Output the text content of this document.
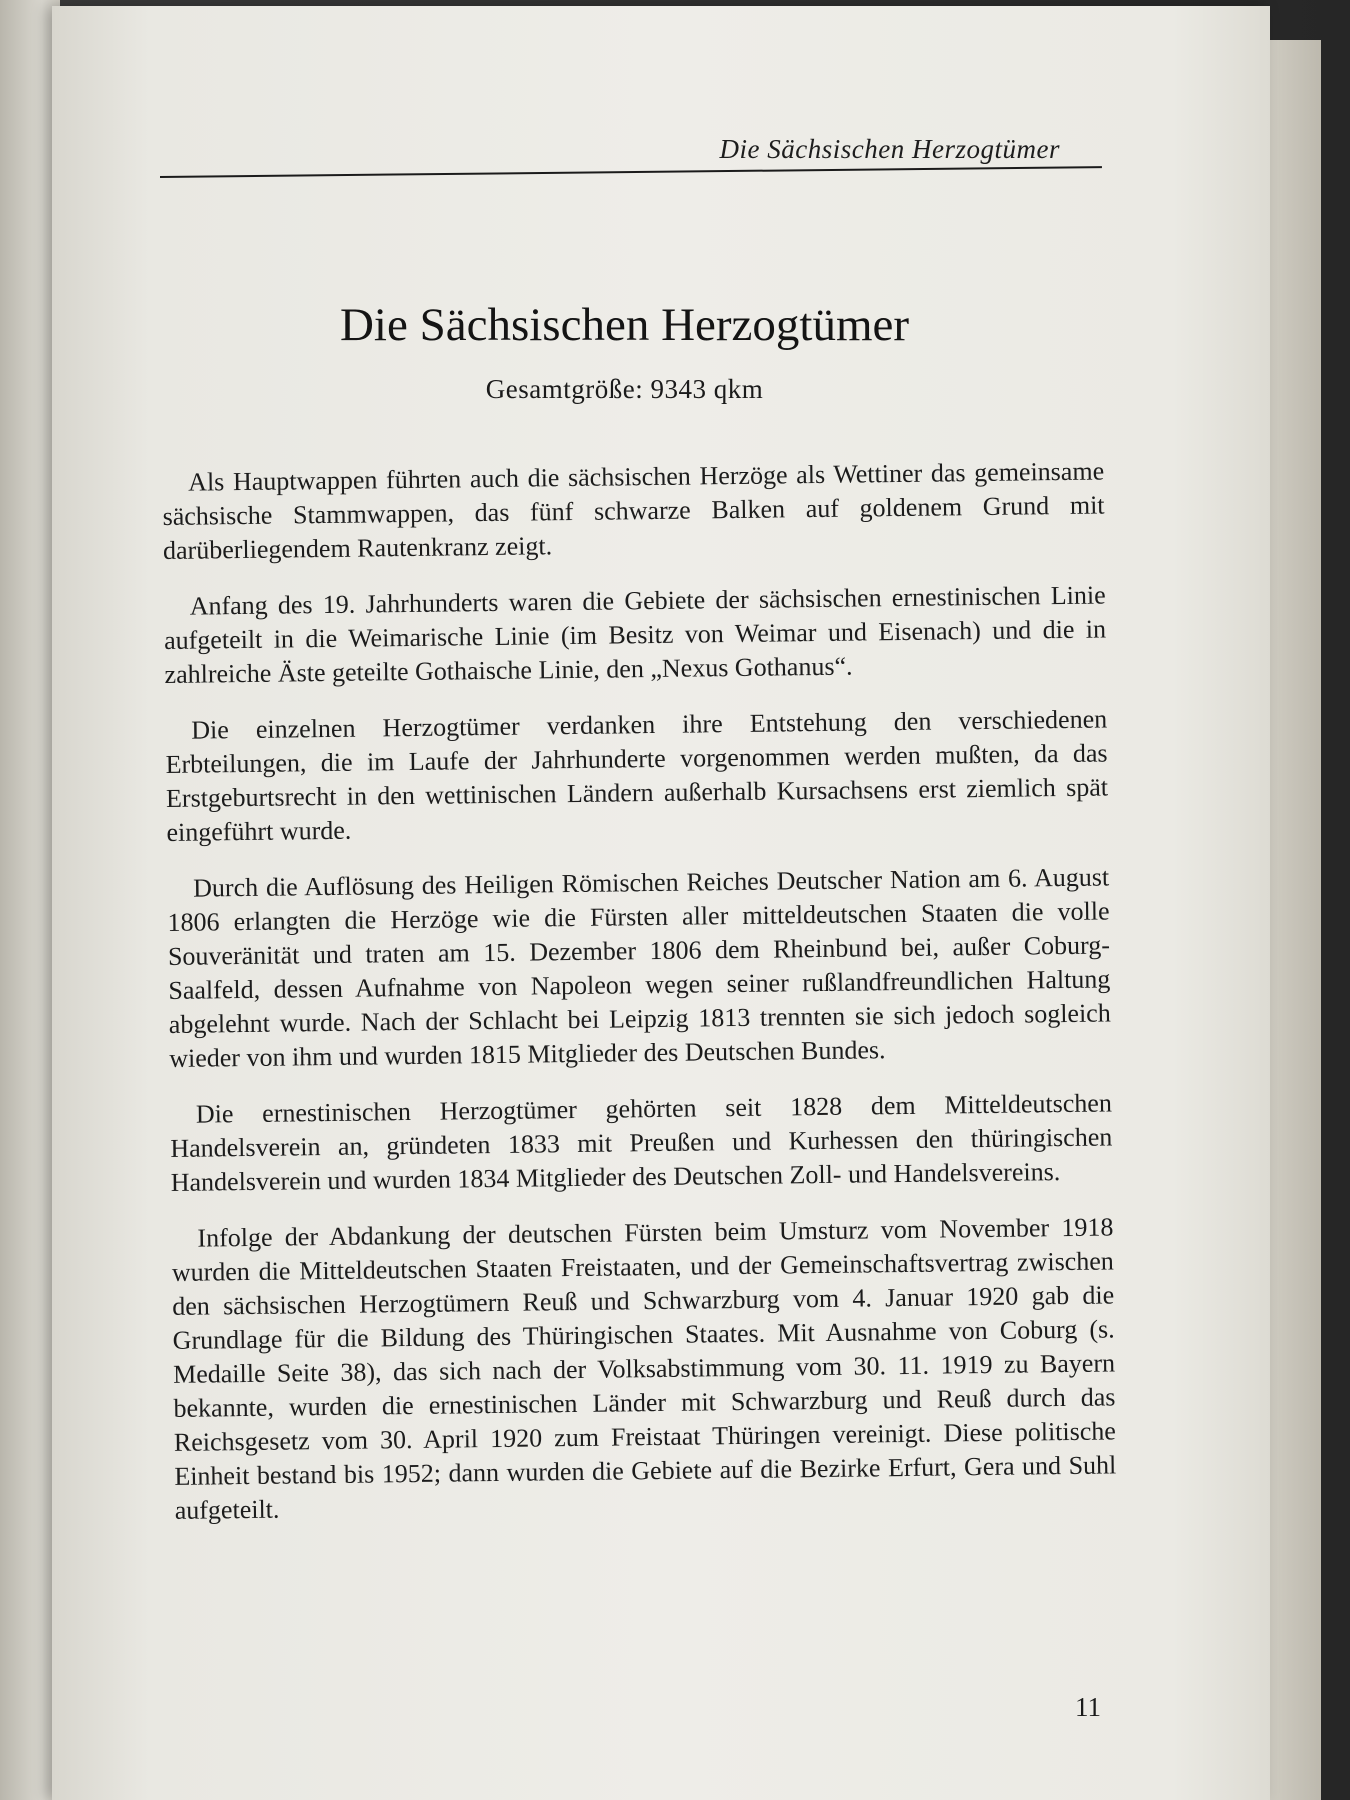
Die Sächsischen Herzogtümer
Die Sächsischen Herzogtümer
Gesamtgröße: 9343 qkm

Als Hauptwappen führten auch die sächsischen Herzöge als Wettiner das gemeinsame sächsische Stammwappen, das fünf schwarze Balken auf goldenem Grund mit darüberliegendem Rautenkranz zeigt.

Anfang des 19. Jahrhunderts waren die Gebiete der sächsischen ernestinischen Linie aufgeteilt in die Weimarische Linie (im Besitz von Weimar und Eisenach) und die in zahlreiche Äste geteilte Gothaische Linie, den „Nexus Gothanus“.

Die einzelnen Herzogtümer verdanken ihre Entstehung den verschiedenen Erbteilungen, die im Laufe der Jahrhunderte vorgenommen werden mußten, da das Erstgeburtsrecht in den wettinischen Ländern außerhalb Kursachsens erst ziemlich spät eingeführt wurde.

Durch die Auflösung des Heiligen Römischen Reiches Deutscher Nation am 6. August 1806 erlangten die Herzöge wie die Fürsten aller mitteldeutschen Staaten die volle Souveränität und traten am 15. Dezember 1806 dem Rheinbund bei, außer Coburg-Saalfeld, dessen Aufnahme von Napoleon wegen seiner rußlandfreundlichen Haltung abgelehnt wurde. Nach der Schlacht bei Leipzig 1813 trennten sie sich jedoch sogleich wieder von ihm und wurden 1815 Mitglieder des Deutschen Bundes.

Die ernestinischen Herzogtümer gehörten seit 1828 dem Mitteldeutschen Handelsverein an, gründeten 1833 mit Preußen und Kurhessen den thüringischen Handelsverein und wurden 1834 Mitglieder des Deutschen Zoll- und Handelsvereins.

Infolge der Abdankung der deutschen Fürsten beim Umsturz vom November 1918 wurden die Mitteldeutschen Staaten Freistaaten, und der Gemeinschaftsvertrag zwischen den sächsischen Herzogtümern Reuß und Schwarzburg vom 4. Januar 1920 gab die Grundlage für die Bildung des Thüringischen Staates. Mit Ausnahme von Coburg (s. Medaille Seite 38), das sich nach der Volksabstimmung vom 30. 11. 1919 zu Bayern bekannte, wurden die ernestinischen Länder mit Schwarzburg und Reuß durch das Reichsgesetz vom 30. April 1920 zum Freistaat Thüringen vereinigt. Diese politische Einheit bestand bis 1952; dann wurden die Gebiete auf die Bezirke Erfurt, Gera und Suhl aufgeteilt.

11
